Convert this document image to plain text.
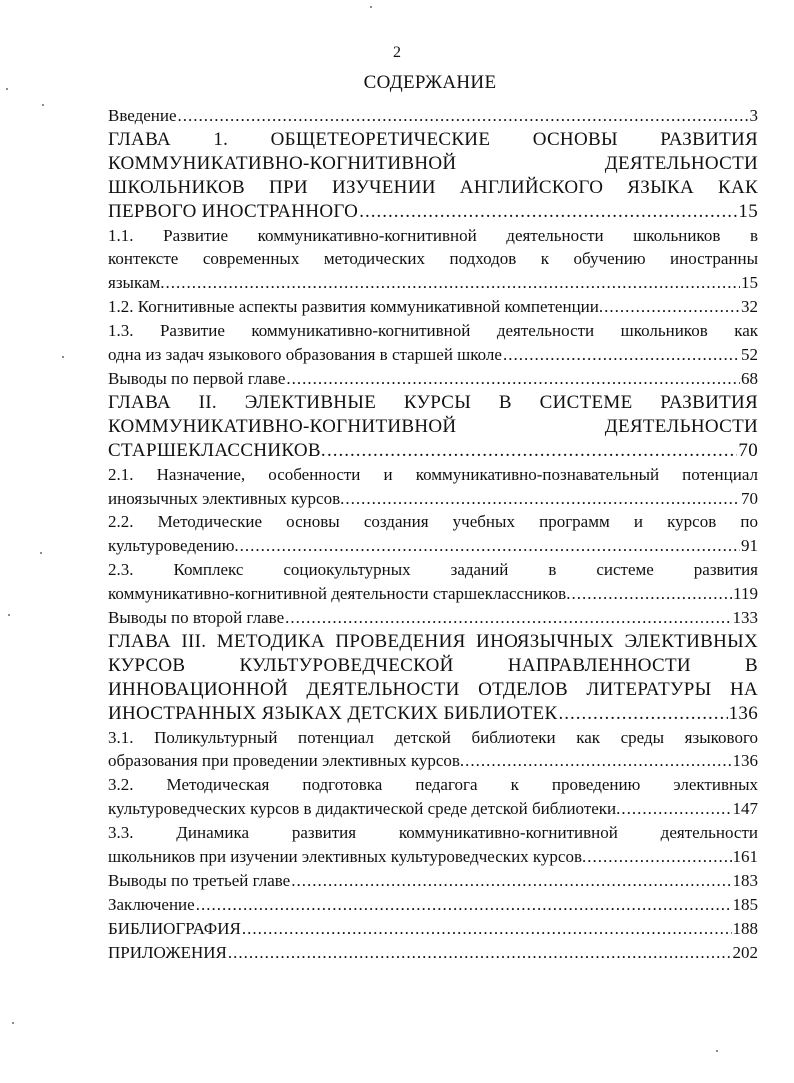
2
СОДЕРЖАНИЕ
Введение .....	3
ГЛАВА 1. ОБЩЕТЕОРЕТИЧЕСКИЕ ОСНОВЫ РАЗВИТИЯ
КОММУНИКАТИВНО-КОГНИТИВНОЙ ДЕЯТЕЛЬНОСТИ
ШКОЛЬНИКОВ ПРИ ИЗУЧЕНИИ АНГЛИЙСКОГО ЯЗЫКА КАК
ПЕРВОГО ИНОСТРАННОГО .....	15
1.1. Развитие коммуникативно-когнитивной деятельности школьников в
контексте современных методических подходов к обучению иностранны
языкам. .....	15
1.2. Когнитивные аспекты развития коммуникативной компетенции. .....	32
1.3. Развитие коммуникативно-когнитивной деятельности школьников как
одна из задач языкового образования в старшей школе .....	52
Выводы по первой главе .....	68
ГЛАВА II. ЭЛЕКТИВНЫЕ КУРСЫ В СИСТЕМЕ РАЗВИТИЯ
КОММУНИКАТИВНО-КОГНИТИВНОЙ ДЕЯТЕЛЬНОСТИ
СТАРШЕКЛАССНИКОВ. .....	70
2.1. Назначение, особенности и коммуникативно-познавательный потенциал
иноязычных элективных курсов. .....	70
2.2. Методические основы создания учебных программ и курсов по
культуроведению. .....	91
2.3. Комплекс социокультурных заданий в системе развития
коммуникативно-когнитивной деятельности старшеклассников. .....	119
Выводы по второй главе .....	133
ГЛАВА III. МЕТОДИКА ПРОВЕДЕНИЯ ИНОЯЗЫЧНЫХ ЭЛЕКТИВНЫХ
КУРСОВ КУЛЬТУРОВЕДЧЕСКОЙ НАПРАВЛЕННОСТИ В
ИННОВАЦИОННОЙ ДЕЯТЕЛЬНОСТИ ОТДЕЛОВ ЛИТЕРАТУРЫ НА
ИНОСТРАННЫХ ЯЗЫКАХ ДЕТСКИХ БИБЛИОТЕК .....	136
3.1. Поликультурный потенциал детской библиотеки как среды языкового
образования при проведении элективных курсов. .....	136
3.2. Методическая подготовка педагога к проведению элективных
культуроведческих курсов в дидактической среде детской библиотеки. .....	147
3.3. Динамика развития коммуникативно-когнитивной деятельности
школьников при изучении элективных культуроведческих курсов. .....	161
Выводы по третьей главе .....	183
Заключение .....	185
БИБЛИОГРАФИЯ .....	188
ПРИЛОЖЕНИЯ .....	202
